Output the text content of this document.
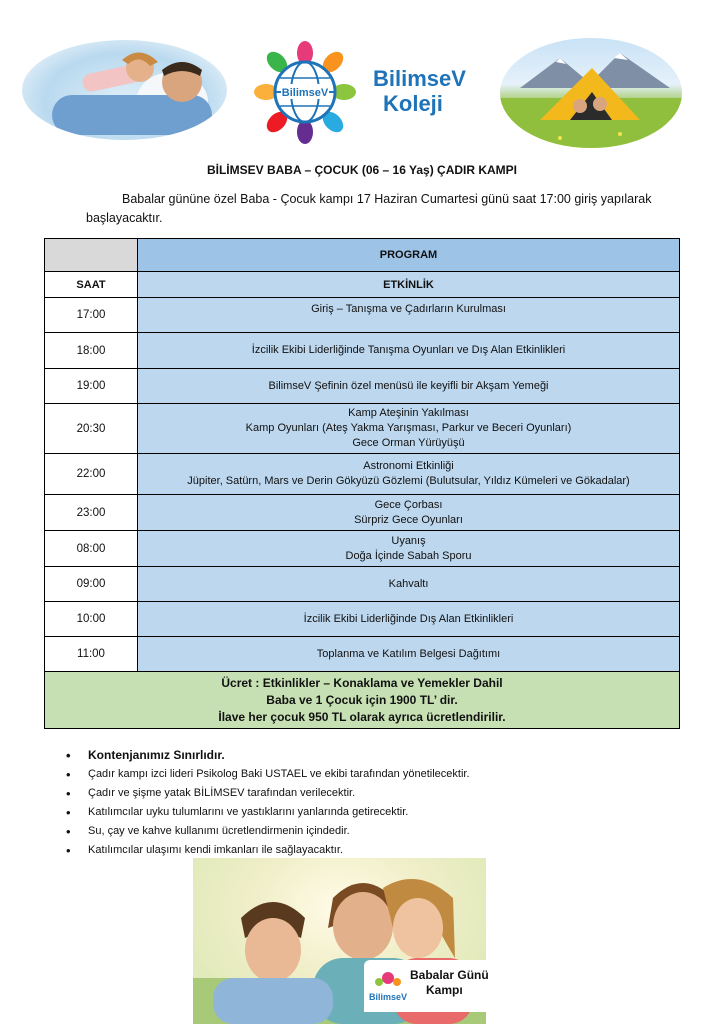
BilimseV
BilimseV
Koleji
BİLİMSEV BABA – ÇOCUK (06 – 16 Yaş) ÇADIR KAMPI
Babalar gününe özel Baba - Çocuk kampı 17 Haziran Cumartesi günü saat 17:00 giriş yapılarak başlayacaktır.
	PROGRAM
SAAT	ETKİNLİK
17:00	Giriş – Tanışma ve Çadırların Kurulması

18:00	İzcilik Ekibi Liderliğinde Tanışma Oyunları ve Dış Alan Etkinlikleri

19:00	BilimseV Şefinin özel menüsü ile keyifli bir Akşam Yemeği

20:30	Kamp Ateşinin Yakılması
Kamp Oyunları (Ateş Yakma Yarışması, Parkur ve Beceri Oyunları)
Gece Orman Yürüyüşü

22:00	Astronomi Etkinliği
Jüpiter, Satürn, Mars ve Derin Gökyüzü Gözlemi (Bulutsular, Yıldız Kümeleri ve Gökadalar)

23:00	Gece Çorbası
Sürpriz Gece Oyunları

08:00	Uyanış
Doğa İçinde Sabah Sporu

09:00	Kahvaltı

10:00	İzcilik Ekibi Liderliğinde Dış Alan Etkinlikleri

11:00	Toplanma ve Katılım Belgesi Dağıtımı

Ücret : Etkinlikler – Konaklama ve Yemekler Dahil
Baba ve 1 Çocuk için 1900 TL’ dir.
İlave her çocuk 950 TL olarak ayrıca ücretlendirilir.	
• Kontenjanımız Sınırlıdır.
• Çadır kampı izci lideri Psikolog Baki USTAEL ve ekibi tarafından yönetilecektir.
• Çadır ve şişme yatak BİLİMSEV tarafından verilecektir.
• Katılımcılar uyku tulumlarını ve yastıklarını yanlarında getirecektir.
• Su, çay ve kahve kullanımı ücretlendirmenin içindedir.
• Katılımcılar ulaşımı kendi imkanları ile sağlayacaktır.
BilimseV
Babalar Günü
Kampı
